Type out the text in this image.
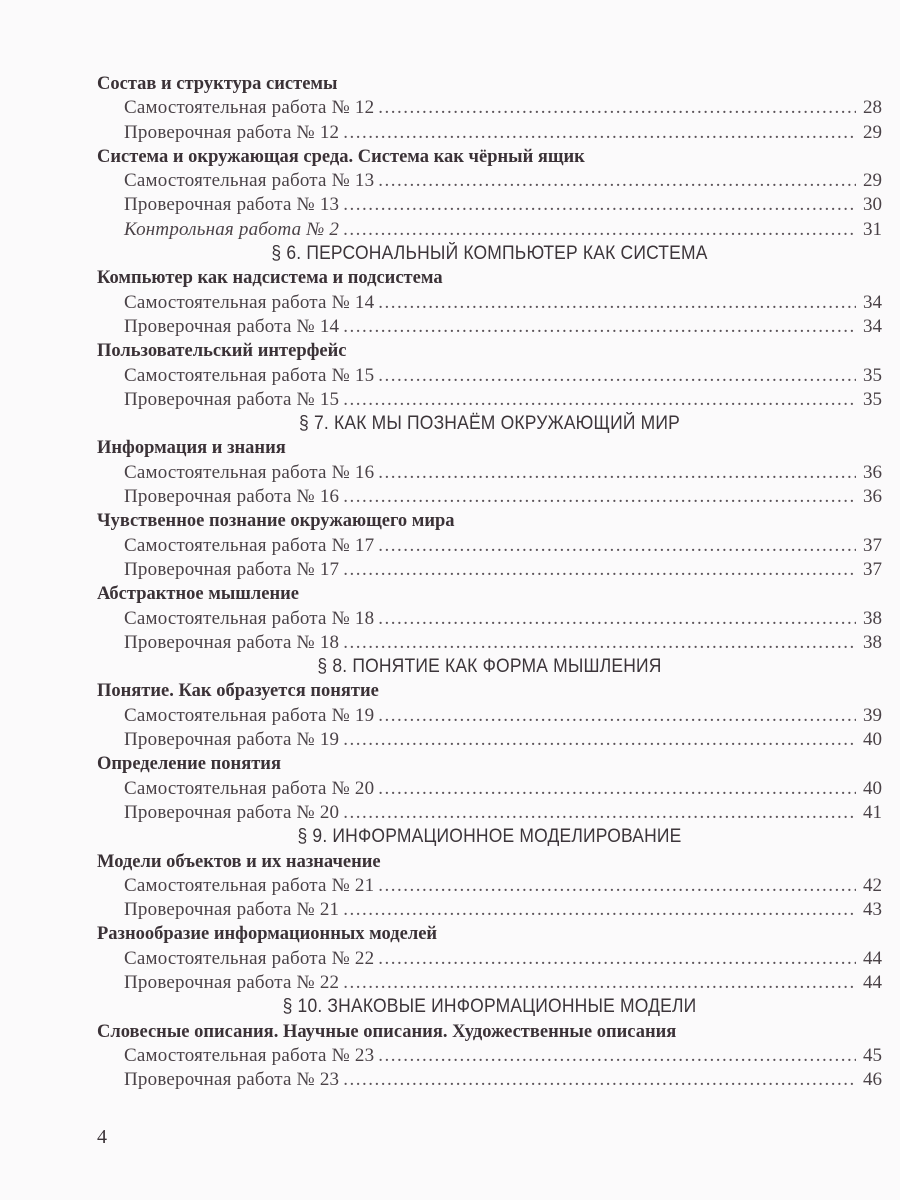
Состав и структура системы
Самостоятельная работа № 12 .....	28
Проверочная работа № 12 .....	29
Система и окружающая среда. Система как чёрный ящик
Самостоятельная работа № 13 .....	29
Проверочная работа № 13 .....	30
Контрольная работа № 2 .....	31
§ 6. ПЕРСОНАЛЬНЫЙ КОМПЬЮТЕР КАК СИСТЕМА
Компьютер как надсистема и подсистема
Самостоятельная работа № 14 .....	34
Проверочная работа № 14 .....	34
Пользовательский интерфейс
Самостоятельная работа № 15 .....	35
Проверочная работа № 15 .....	35
§ 7. КАК МЫ ПОЗНАЁМ ОКРУЖАЮЩИЙ МИР
Информация и знания
Самостоятельная работа № 16 .....	36
Проверочная работа № 16 .....	36
Чувственное познание окружающего мира
Самостоятельная работа № 17 .....	37
Проверочная работа № 17 .....	37
Абстрактное мышление
Самостоятельная работа № 18 .....	38
Проверочная работа № 18 .....	38
§ 8. ПОНЯТИЕ КАК ФОРМА МЫШЛЕНИЯ
Понятие. Как образуется понятие
Самостоятельная работа № 19 .....	39
Проверочная работа № 19 .....	40
Определение понятия
Самостоятельная работа № 20 .....	40
Проверочная работа № 20 .....	41
§ 9. ИНФОРМАЦИОННОЕ МОДЕЛИРОВАНИЕ
Модели объектов и их назначение
Самостоятельная работа № 21 .....	42
Проверочная работа № 21 .....	43
Разнообразие информационных моделей
Самостоятельная работа № 22 .....	44
Проверочная работа № 22 .....	44
§ 10. ЗНАКОВЫЕ ИНФОРМАЦИОННЫЕ МОДЕЛИ
Словесные описания. Научные описания. Художественные описания
Самостоятельная работа № 23 .....	45
Проверочная работа № 23 .....	46
4
